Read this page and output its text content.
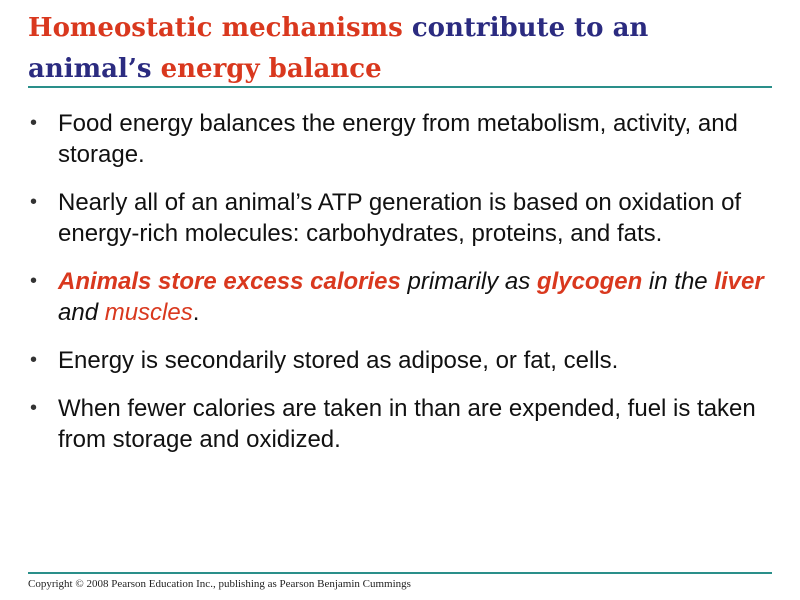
Homeostatic mechanisms contribute to an
animal’s energy balance
• Food energy balances the energy from metabolism, activity, and storage.
• Nearly all of an animal’s ATP generation is based on oxidation of energy-rich molecules: carbohydrates, proteins, and fats.
• Animals store excess calories primarily as glycogen in the liver and muscles.
• Energy is secondarily stored as adipose, or fat, cells.
• When fewer calories are taken in than are expended, fuel is taken from storage and oxidized.
Copyright © 2008 Pearson Education Inc., publishing as Pearson Benjamin Cummings
